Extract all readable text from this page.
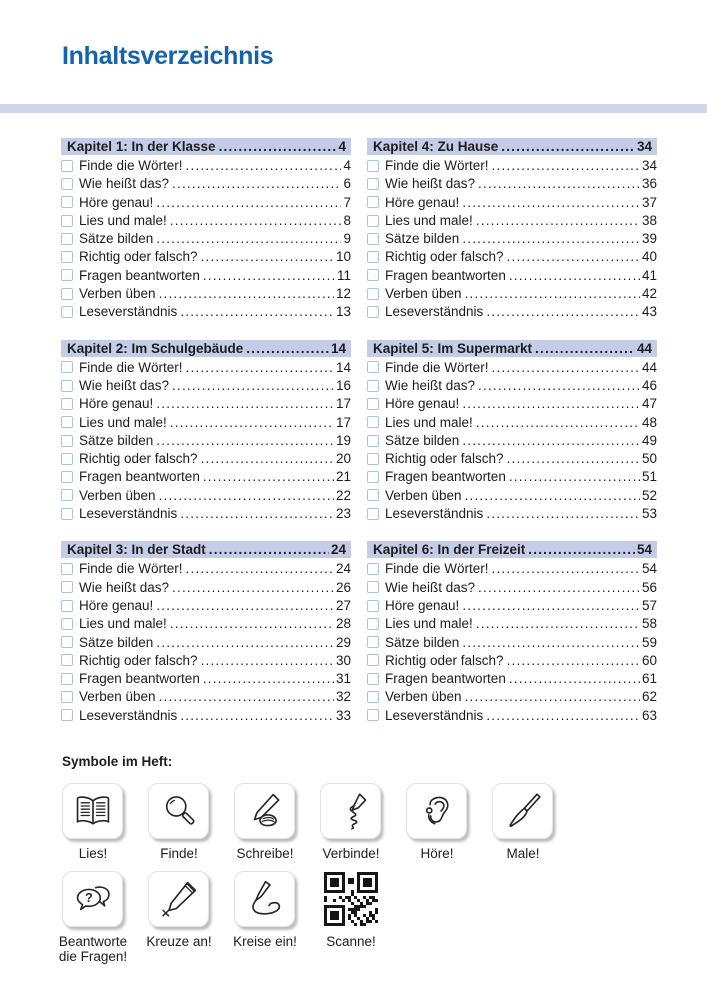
Inhaltsverzeichnis
Kapitel 1: In der Klasse .....	4
Finde die Wörter! .....	4
Wie heißt das? .....	6
Höre genau! .....	7
Lies und male! .....	8
Sätze bilden .....	9
Richtig oder falsch? .....	10
Fragen beantworten .....	11
Verben üben .....	12
Leseverständnis .....	13
Kapitel 2: Im Schulgebäude .....	14
Finde die Wörter! .....	14
Wie heißt das? .....	16
Höre genau! .....	17
Lies und male! .....	17
Sätze bilden .....	19
Richtig oder falsch? .....	20
Fragen beantworten .....	21
Verben üben .....	22
Leseverständnis .....	23
Kapitel 3: In der Stadt .....	24
Finde die Wörter! .....	24
Wie heißt das? .....	26
Höre genau! .....	27
Lies und male! .....	28
Sätze bilden .....	29
Richtig oder falsch? .....	30
Fragen beantworten .....	31
Verben üben .....	32
Leseverständnis .....	33
Kapitel 4: Zu Hause .....	34
Finde die Wörter! .....	34
Wie heißt das? .....	36
Höre genau! .....	37
Lies und male! .....	38
Sätze bilden .....	39
Richtig oder falsch? .....	40
Fragen beantworten .....	41
Verben üben .....	42
Leseverständnis .....	43
Kapitel 5: Im Supermarkt .....	44
Finde die Wörter! .....	44
Wie heißt das? .....	46
Höre genau! .....	47
Lies und male! .....	48
Sätze bilden .....	49
Richtig oder falsch? .....	50
Fragen beantworten .....	51
Verben üben .....	52
Leseverständnis .....	53
Kapitel 6: In der Freizeit .....	54
Finde die Wörter! .....	54
Wie heißt das? .....	56
Höre genau! .....	57
Lies und male! .....	58
Sätze bilden .....	59
Richtig oder falsch? .....	60
Fragen beantworten .....	61
Verben üben .....	62
Leseverständnis .....	63
Symbole im Heft:
Lies!	Finde!	Schreibe!	Verbinde!	Höre!	Male!
?
Beantworte die Fragen!
Kreuze an!	Kreise ein!	Scanne!
